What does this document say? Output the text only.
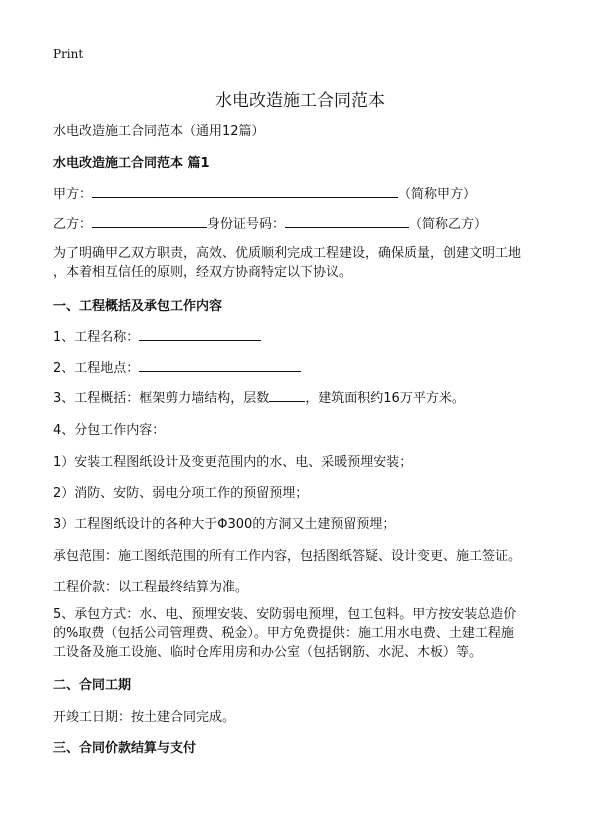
Print
水电改造施工合同范本
水电改造施工合同范本（通用12篇）
水电改造施工合同范本 篇1
甲方：	（简称甲方）
乙方：	身份证号码：	（简称乙方）
为了明确甲乙双方职责，高效、优质顺利完成工程建设，确保质量，创建文明工地
，本着相互信任的原则，经双方协商特定以下协议。
一、工程概括及承包工作内容
1、工程名称：
2、工程地点：
3、工程概括：框架剪力墙结构，层数	，建筑面积约16万平方米。
4、分包工作内容：
1）安装工程图纸设计及变更范围内的水、电、采暖预埋安装；
2）消防、安防、弱电分项工作的预留预埋；
3）工程图纸设计的各种大于Φ300的方洞又土建预留预埋；
承包范围：施工图纸范围的所有工作内容，包括图纸答疑、设计变更、施工签证。
工程价款：以工程最终结算为准。
5、承包方式：水、电、预埋安装、安防弱电预埋，包工包料。甲方按安装总造价
的%取费（包括公司管理费、税金）。甲方免费提供：施工用水电费、土建工程施
工设备及施工设施、临时仓库用房和办公室（包括钢筋、水泥、木板）等。
二、合同工期
开竣工日期：按土建合同完成。
三、合同价款结算与支付
